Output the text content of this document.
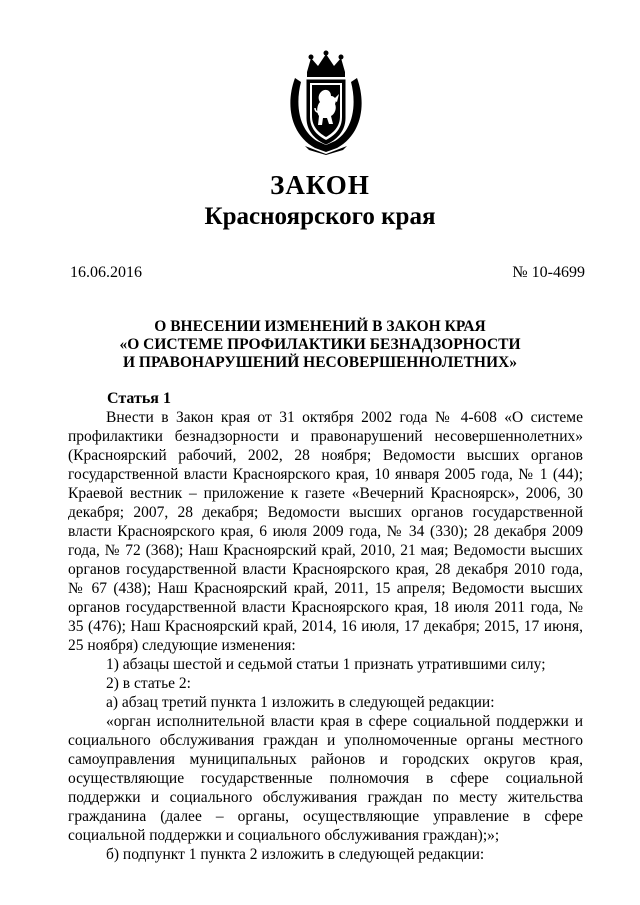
ЗАКОН
Красноярского края
16.06.2016	№ 10-4699
О ВНЕСЕНИИ ИЗМЕНЕНИЙ В ЗАКОН КРАЯ
«О СИСТЕМЕ ПРОФИЛАКТИКИ БЕЗНАДЗОРНОСТИ
И ПРАВОНАРУШЕНИЙ НЕСОВЕРШЕННОЛЕТНИХ»
Статья 1

Внести в Закон края от 31 октября 2002 года № 4-608 «О системе профилактики безнадзорности и правонарушений несовершеннолетних» (Красноярский рабочий, 2002, 28 ноября; Ведомости высших органов государственной власти Красноярского края, 10 января 2005 года, № 1 (44); Краевой вестник – приложение к газете «Вечерний Красноярск», 2006, 30 декабря; 2007, 28 декабря; Ведомости высших органов государственной власти Красноярского края, 6 июля 2009 года, № 34 (330); 28 декабря 2009 года, № 72 (368); Наш Красноярский край, 2010, 21 мая; Ведомости высших органов государственной власти Красноярского края, 28 декабря 2010 года, № 67 (438); Наш Красноярский край, 2011, 15 апреля; Ведомости высших органов государственной власти Красноярского края, 18 июля 2011 года, № 35 (476); Наш Красноярский край, 2014, 16 июля, 17 декабря; 2015, 17 июня, 25 ноября) следующие изменения:

1) абзацы шестой и седьмой статьи 1 признать утратившими силу;

2) в статье 2:

а) абзац третий пункта 1 изложить в следующей редакции:

«орган исполнительной власти края в сфере социальной поддержки и социального обслуживания граждан и уполномоченные органы местного самоуправления муниципальных районов и городских округов края, осуществляющие государственные полномочия в сфере социальной поддержки и социального обслуживания граждан по месту жительства гражданина (далее – органы, осуществляющие управление в сфере социальной поддержки и социального обслуживания граждан);»;

б) подпункт 1 пункта 2 изложить в следующей редакции:
